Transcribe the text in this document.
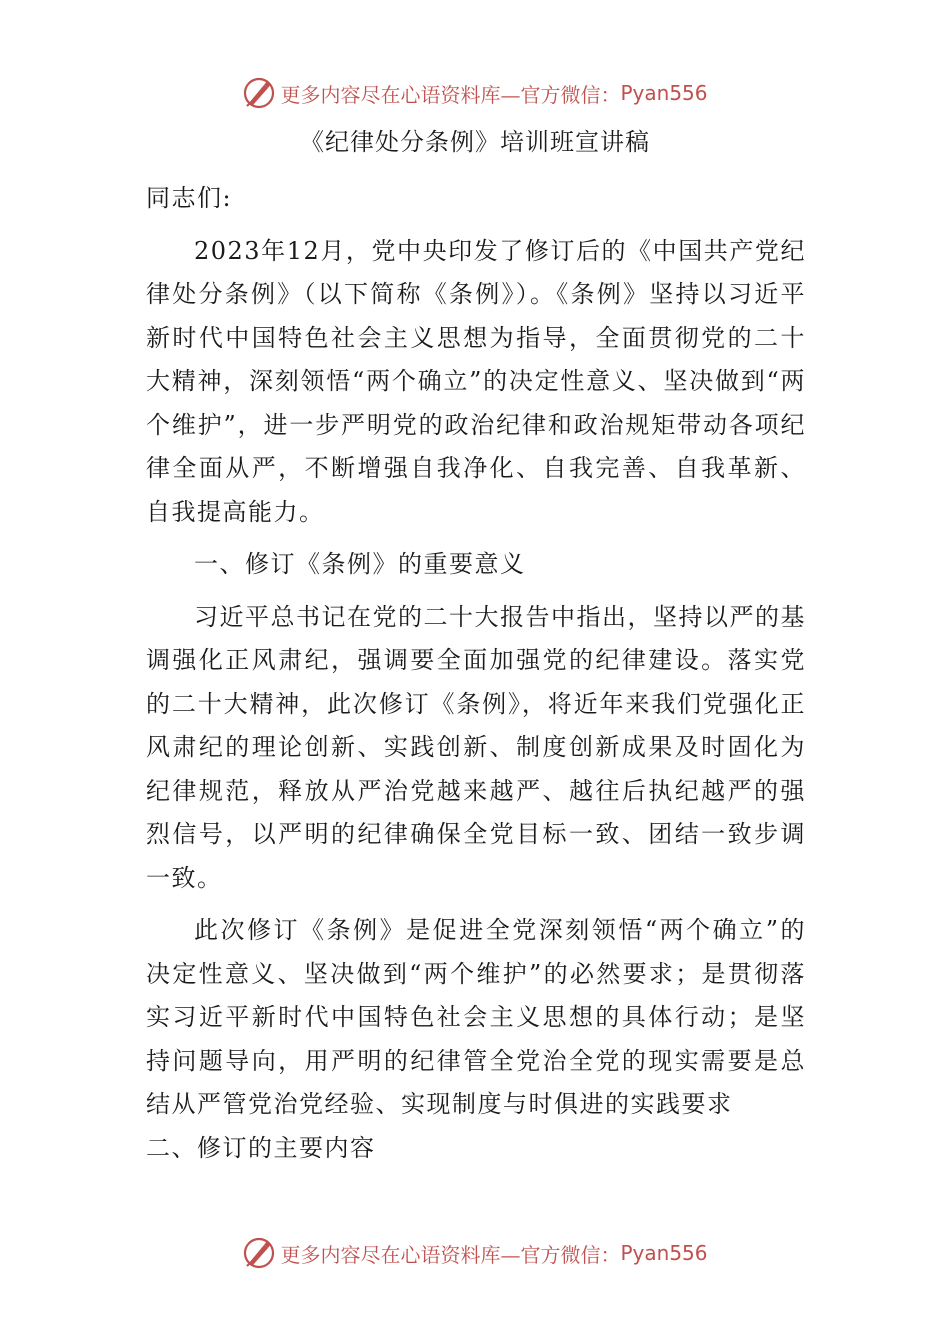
更多内容尽在心语资料库—官方微信： Pyan556
《纪律处分条例》培训班宣讲稿

同志们:

2023年12月，党中央印发了修订后的《中国共产党纪律处分条例》（以下简称《条例》）。《条例》坚持以习近平新时代中国特色社会主义思想为指导，全面贯彻党的二十大精神，深刻领悟“两个确立”的决定性意义、坚决做到“两个维护”，进一步严明党的政治纪律和政治规矩带动各项纪律全面从严，不断增强自我净化、自我完善、自我革新、自我提高能力。

一、修订《条例》的重要意义

习近平总书记在党的二十大报告中指出，坚持以严的基调强化正风肃纪，强调要全面加强党的纪律建设。落实党的二十大精神，此次修订《条例》，将近年来我们党强化正风肃纪的理论创新、实践创新、制度创新成果及时固化为纪律规范，释放从严治党越来越严、越往后执纪越严的强烈信号，以严明的纪律确保全党目标一致、团结一致步调一致。

此次修订《条例》是促进全党深刻领悟“两个确立”的决定性意义、坚决做到“两个维护”的必然要求；是贯彻落实习近平新时代中国特色社会主义思想的具体行动；是坚持问题导向，用严明的纪律管全党治全党的现实需要是总结从严管党治党经验、实现制度与时俱进的实践要求

二、修订的主要内容

更多内容尽在心语资料库—官方微信： Pyan556
